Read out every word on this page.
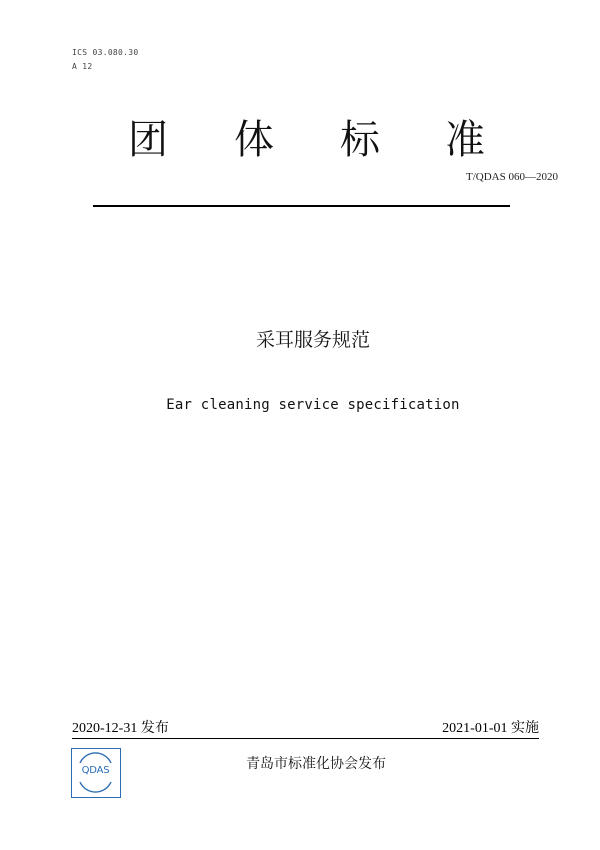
ICS 03.080.30
A 12
团 体 标 准
T/QDAS 060—2020
采耳服务规范
Ear cleaning service specification
2020-12-31 发布	2021-01-01 实施
QDAS	青岛市标准化协会发布
